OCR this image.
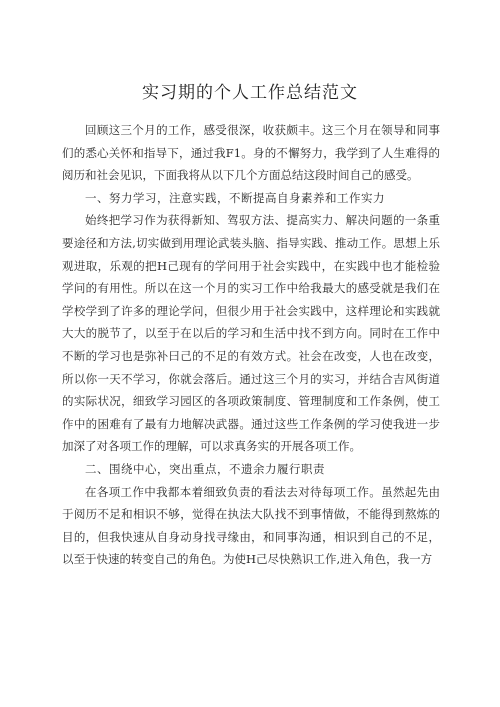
实习期的个人工作总结范文

回顾这三个月的工作，感受很深，收获颇丰。这三个月在领导和同事们的悉心关怀和指导下，通过我F1。身的不懈努力，我学到了人生难得的阅历和社会见识，下面我将从以下几个方面总结这段时间自己的感受。

一、努力学习，注意实践，不断提高自身素养和工作实力

始终把学习作为获得新知、驾驭方法、提高实力、解决问题的一条重要途径和方法,切实做到用理论武装头脑、指导实践、推动工作。思想上乐观进取，乐观的把H己现有的学问用于社会实践中，在实践中也才能检验学问的有用性。所以在这一个月的实习工作中给我最大的感受就是我们在学校学到了许多的理论学问，但很少用于社会实践中，这样理论和实践就大大的脱节了，以至于在以后的学习和生活中找不到方向。同时在工作中不断的学习也是弥补曰己的不足的有效方式。社会在改变，人也在改变，所以你一天不学习，你就会落后。通过这三个月的实习，并结合吉风街道的实际状况，细致学习园区的各项政策制度、管理制度和工作条例，使工作中的困难有了最有力地解决武器。通过这些工作条例的学习使我进一步加深了对各项工作的理解，可以求真务实的开展各项工作。

二、围绕中心，突出重点，不遗余力履行职责

在各项工作中我都本着细致负责的看法去对待每项工作。虽然起先由于阅历不足和相识不够，觉得在执法大队找不到事情做，不能得到熬炼的目的，但我快速从自身动身找寻缘由，和同事沟通，相识到自己的不足，以至于快速的转变自己的角色。为使H己尽快熟识工作,进入角色，我一方
